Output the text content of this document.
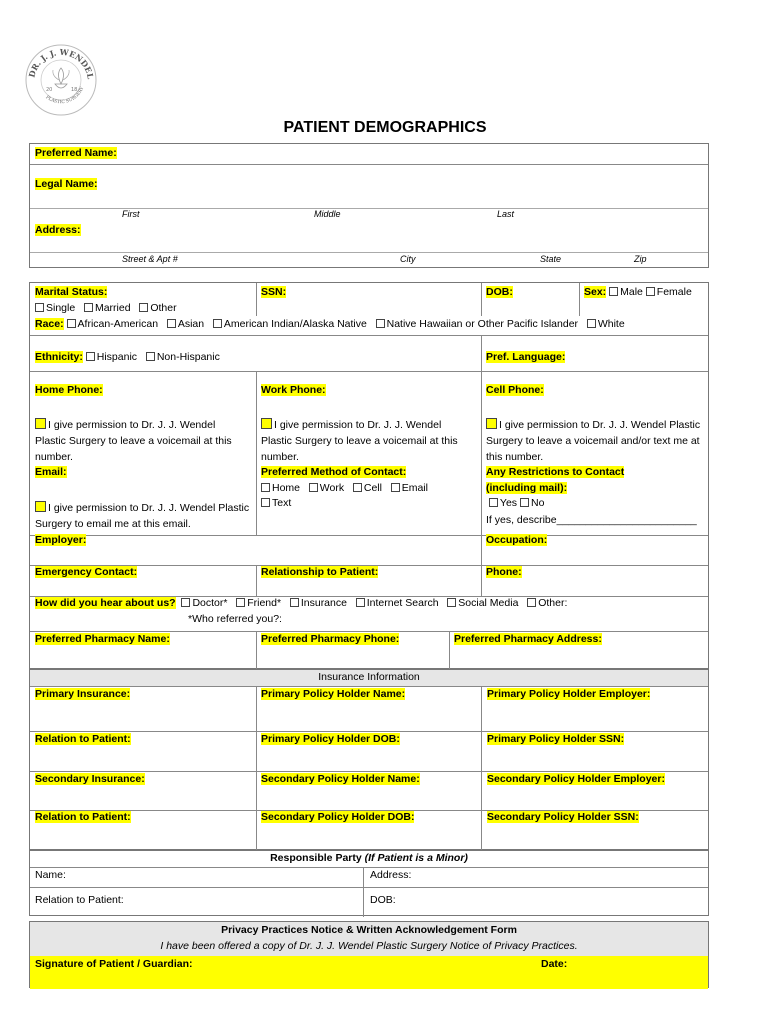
DR. J. J. WENDEL
PLASTIC SURGERY
20	18
PATIENT DEMOGRAPHICS
Preferred Name:
Legal Name:
First	Middle	Last
Address:
Street & Apt #	City	State	Zip
Marital Status:
Single Married Other
SSN:	DOB:	Sex: Male Female
Race: African-American Asian American Indian/Alaska Native Native Hawaiian or Other Pacific Islander White
Ethnicity: Hispanic Non-Hispanic	Pref. Language:
Home Phone:	Work Phone:	Cell Phone:
I give permission to Dr. J. J. Wendel Plastic Surgery to leave a voicemail at this number.
I give permission to Dr. J. J. Wendel Plastic Surgery to leave a voicemail at this number.
I give permission to Dr. J. J. Wendel Plastic Surgery to leave a voicemail and/or text me at this number.
Email:
I give permission to Dr. J. J. Wendel Plastic Surgery to email me at this email.
Preferred Method of Contact:
Home Work Cell Email
Text
Any Restrictions to Contact
(including mail):
Yes No
If yes, describe________________________
Employer:	Occupation:
Emergency Contact:	Relationship to Patient:	Phone:
How did you hear about us? Doctor* Friend* Insurance Internet Search Social Media Other:
*Who referred you?:
Preferred Pharmacy Name:	Preferred Pharmacy Phone:	Preferred Pharmacy Address:
Insurance Information
Primary Insurance:	Primary Policy Holder Name:	Primary Policy Holder Employer:
Relation to Patient:	Primary Policy Holder DOB:	Primary Policy Holder SSN:
Secondary Insurance:	Secondary Policy Holder Name:	Secondary Policy Holder Employer:
Relation to Patient:	Secondary Policy Holder DOB:	Secondary Policy Holder SSN:
Responsible Party (If Patient is a Minor)
Name:	Address:
Relation to Patient:	DOB:
Privacy Practices Notice & Written Acknowledgement Form
I have been offered a copy of Dr. J. J. Wendel Plastic Surgery Notice of Privacy Practices.
Signature of Patient / Guardian:	Date:
